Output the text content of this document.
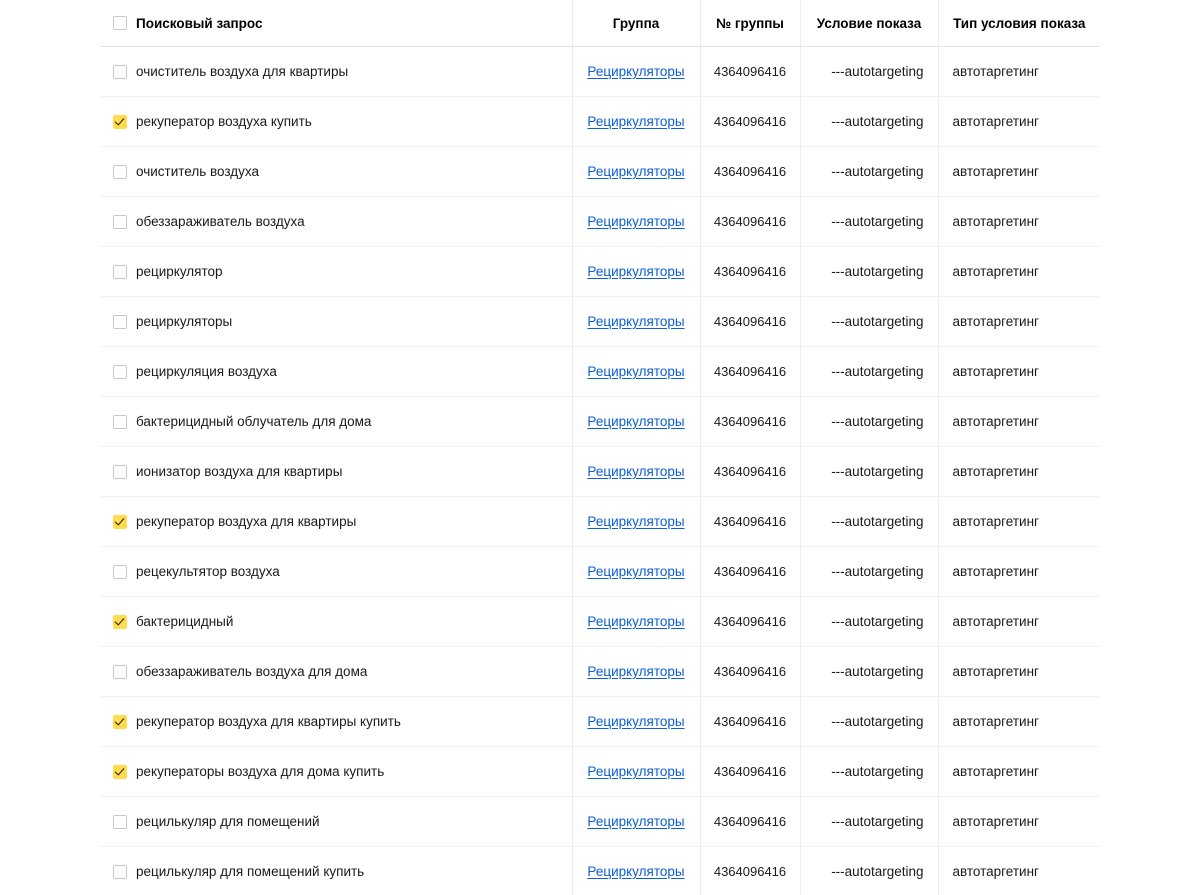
Поисковый запрос	Группа	№ группы	Условие показа	Тип условия показа

очиститель воздуха для квартиры	Рециркуляторы	4364096416	---autotargeting	автотаргетинг

рекуператор воздуха купить	Рециркуляторы	4364096416	---autotargeting	автотаргетинг

очиститель воздуха	Рециркуляторы	4364096416	---autotargeting	автотаргетинг

обеззараживатель воздуха	Рециркуляторы	4364096416	---autotargeting	автотаргетинг

рециркулятор	Рециркуляторы	4364096416	---autotargeting	автотаргетинг

рециркуляторы	Рециркуляторы	4364096416	---autotargeting	автотаргетинг

рециркуляция воздуха	Рециркуляторы	4364096416	---autotargeting	автотаргетинг

бактерицидный облучатель для дома	Рециркуляторы	4364096416	---autotargeting	автотаргетинг

ионизатор воздуха для квартиры	Рециркуляторы	4364096416	---autotargeting	автотаргетинг

рекуператор воздуха для квартиры	Рециркуляторы	4364096416	---autotargeting	автотаргетинг

рецекультятор воздуха	Рециркуляторы	4364096416	---autotargeting	автотаргетинг

бактерицидный	Рециркуляторы	4364096416	---autotargeting	автотаргетинг

обеззараживатель воздуха для дома	Рециркуляторы	4364096416	---autotargeting	автотаргетинг

рекуператор воздуха для квартиры купить	Рециркуляторы	4364096416	---autotargeting	автотаргетинг

рекуператоры воздуха для дома купить	Рециркуляторы	4364096416	---autotargeting	автотаргетинг

рецилькуляр для помещений	Рециркуляторы	4364096416	---autotargeting	автотаргетинг

рецилькуляр для помещений купить	Рециркуляторы	4364096416	---autotargeting	автотаргетинг
